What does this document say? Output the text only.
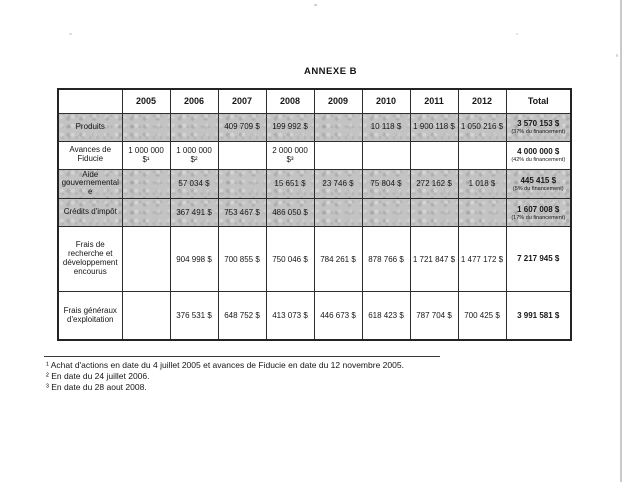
ANNEXE B
	2005	2006	2007	2008	2009	2010	2011	2012	Total
Produits			409 709 $	199 992 $		10 118 $	1 900 118 $	1 050 216 $	3 570 153 $
(37% du financement)

Avances de Fiducie	1 000 000 $¹	1 000 000 $²		2 000 000 $³					4 000 000 $
(42% du financement)

Aide gouvernementale		57 034 $		15 651 $	23 746 $	75 804 $	272 162 $	1 018 $	445 415 $
(5% du financement)

Crédits d'impôt		367 491 $	753 467 $	486 050 $					1 607 008 $
(17% du financement)

Frais de recherche et développement encourus		904 998 $	700 855 $	750 046 $	784 261 $	878 766 $	1 721 847 $	1 477 172 $	7 217 945 $

Frais généraux d'exploitation		376 531 $	648 752 $	413 073 $	446 673 $	618 423 $	787 704 $	700 425 $	3 991 581 $
¹ Achat d'actions en date du 4 juillet 2005 et avances de Fiducie en date du 12 novembre 2005.
² En date du 24 juillet 2006.
³ En date du 28 aout 2008.
